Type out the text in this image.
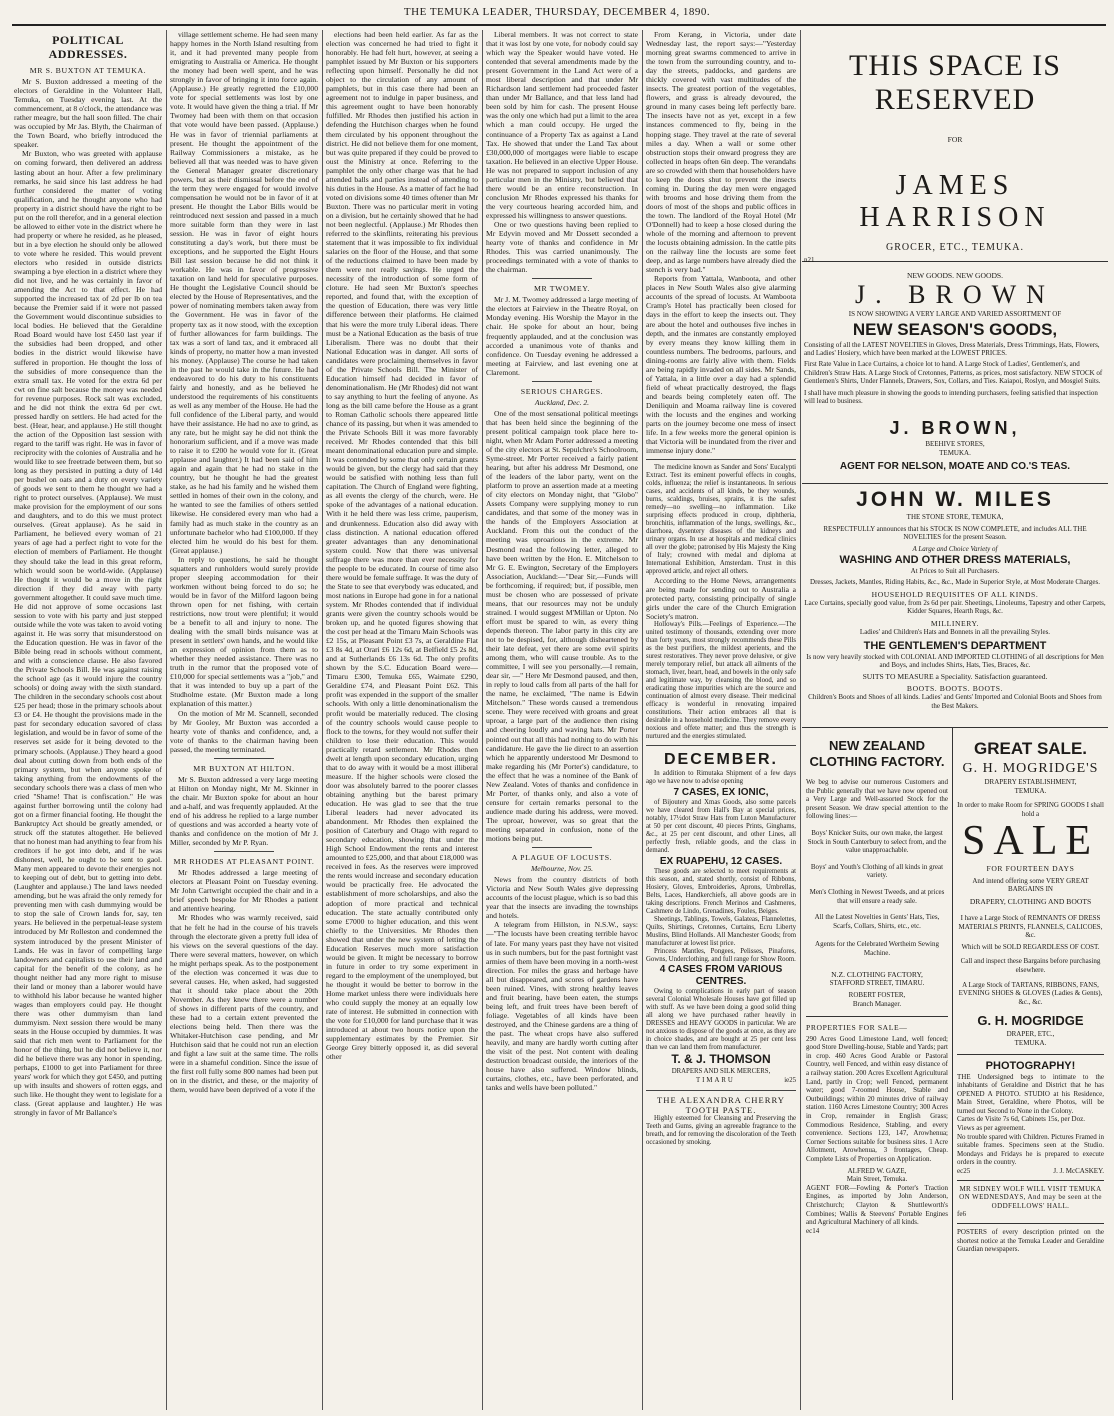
THE TEMUKA LEADER, THURSDAY, DECEMBER 4, 1890.
POLITICAL ADDRESSES.
MR S. BUXTON AT TEMUKA.

Mr S. Buxton addressed a meeting of the electors of Geraldine in the Volunteer Hall, Temuka, on Tuesday evening last. At the commencement, at 8 o'clock, the attendance was rather meagre, but the hall soon filled. The chair was occupied by Mr Jas. Blyth, the Chairman of the Town Board, who briefly introduced the speaker.

Mr Buxton, who was greeted with applause on coming forward, then delivered an address lasting about an hour. After a few preliminary remarks, he said since his last address he had further considered the matter of voting qualification, and he thought anyone who had property in a district should have the right to be put on the roll therefor, and in a general election be allowed to either vote in the district where he had property or where he resided, as he pleased, but in a bye election he should only be allowed to vote where he resided. This would prevent electors who resided in outside districts swamping a bye election in a district where they did not live, and he was certainly in favor of amending the Act to that effect. He had supported the increased tax of 2d per lb on tea because the Premier said if it were not passed the Government would discontinue subsidies to local bodies. He believed that the Geraldine Road Board would have lost £450 last year if the subsidies had been dropped, and other bodies in the district would likewise have suffered in proportion. He thought the loss of the subsidies of more consequence than the extra small tax. He voted for the extra 6d per cwt on fine salt because the money was needed for revenue purposes. Rock salt was excluded, and he did not think the extra 6d per cwt. pressed hardly on settlers. He had acted for the best. (Hear, hear, and applause.) He still thought the action of the Opposition last session with regard to the tariff was right. He was in favor of reciprocity with the colonies of Australia and he would like to see freetrade between them, but so long as they persisted in putting a duty of 14d per bushel on oats and a duty on every variety of goods we sent to them he thought we had a right to protect ourselves. (Applause). We must make provision for the employment of our sons and daughters, and to do this we must protect ourselves. (Great applause). As he said in Parliament, he believed every woman of 21 years of age had a perfect right to vote for the election of members of Parliament. He thought they should take the lead in this great reform, which would soon be world-wide. (Applause) He thought it would be a move in the right direction if they did away with party government altogether. It could save much time. He did not approve of some occasions last session to vote with his party and just stepped outside while the vote was taken to avoid voting against it. He was sorry that misunderstood on the Education question. He was in favor of the Bible being read in schools without comment, and with a conscience clause. He also favored the Private Schools Bill. He was against raising the school age (as it would injure the country schools) or doing away with the sixth standard. The children in the secondary schools cost about £25 per head; those in the primary schools about £3 or £4. He thought the provisions made in the past for secondary education savored of class legislation, and would be in favor of some of the reserves set aside for it being devoted to the primary schools. (Applause.) They heard a good deal about cutting down from both ends of the primary system, but when anyone spoke of taking anything from the endowments of the secondary schools there was a class of men who cried "Shame! That is confiscation." He was against further borrowing until the colony had got on a firmer financial footing. He thought the Bankruptcy Act should be greatly amended, or struck off the statutes altogether. He believed that no honest man had anything to fear from his creditors if he got into debt, and if he was dishonest, well, he ought to be sent to gaol. Many men appeared to devote their energies not to keeping out of debt, but to getting into debt. (Laughter and applause.) The land laws needed amending, but he was afraid the only remedy for preventing men with cash dummying would be to stop the sale of Crown lands for, say, ten years. He believed in the perpetual-lease system introduced by Mr Rolleston and condemned the system introduced by the present Minister of Lands. He was in favor of compelling large landowners and capitalists to use their land and capital for the benefit of the colony, as he thought neither had any more right to misuse their land or money than a laborer would have to withhold his labor because he wanted higher wages than employers could pay. He thought there was other dummyism than land dummyism. Next session there would be many seats in the House occupied by dummies. It was said that rich men went to Parliament for the honor of the thing, but he did not believe it, nor did he believe there was any honor in spending, perhaps, £1000 to get into Parliament for three years' work for which they got £450, and putting up with insults and showers of rotten eggs, and such like. He thought they went to legislate for a class. (Great applause and laughter.) He was strongly in favor of Mr Ballance's

village settlement scheme. He had seen many happy homes in the North Island resulting from it, and it had prevented many people from emigrating to Australia or America. He thought the money had been well spent, and he was strongly in favor of bringing it into force again. (Applause.) He greatly regretted the £10,000 vote for special settlements was lost by one vote. It would have given the thing a trial. If Mr Twomey had been with them on that occasion that vote would have been passed. (Applause.) He was in favor of triennial parliaments at present. He thought the appointment of the Railway Commissioners a mistake, as he believed all that was needed was to have given the General Manager greater discretionary powers, but as their dismissal before the end of the term they were engaged for would involve compensation he would not be in favor of it at present. He thought the Labor Bills would be reintroduced next session and passed in a much more suitable form than they were in last session. He was in favor of eight hours constituting a day's work, but there must be exceptions, and he supported the Eight Hours Bill last session because he did not think it workable. He was in favor of progressive taxation on land held for speculative purposes. He thought the Legislative Council should be elected by the House of Representatives, and the power of nominating members taken away from the Government. He was in favor of the property tax as it now stood, with the exception of further allowances for farm buildings. The tax was a sort of land tax, and it embraced all kinds of property, no matter how a man invested his money. (Applause) The course he had taken in the past he would take in the future. He had endeavored to do his duty to his constituents fairly and honestly, and as he believed he understood the requirements of his constituents as well as any member of the House. He had the full confidence of the Liberal party, and would have their assistance. He had no axe to grind, as any rate, but he might say he did not think the honorarium sufficient, and if a move was made to raise it to £200 he would vote for it. (Great applause and laughter.) It had been said of him again and again that he had no stake in the country, but he thought he had the greatest stake, as he had his family and he wished them settled in homes of their own in the colony, and he wanted to see the families of others settled likewise. He considered every man who had a family had as much stake in the country as an unfortunate bachelor who had £100,000. If they elected him he would do his best for them. (Great applause.)

In reply to questions, he said he thought squatters and runholders would surely provide proper sleeping accommodation for their workmen without being forced to do so; he would be in favor of the Milford lagoon being thrown open for net fishing, with certain restrictions, now trout were plentiful; it would be a benefit to all and injury to none. The dealing with the small birds nuisance was at present in settlers' own hands, and he would like an expression of opinion from them as to whether they needed assistance. There was no truth in the rumor that the proposed vote of £10,000 for special settlements was a "job," and that it was intended to buy up a part of the Studholme estate. (Mr Buxton made a long explanation of this matter.)

On the motion of Mr M. Scannell, seconded by Mr Gooley, Mr Buxton was accorded a hearty vote of thanks and confidence, and, a vote of thanks to the chairman having been passed, the meeting terminated.

MR BUXTON AT HILTON.

Mr S. Buxton addressed a very large meeting at Hilton on Monday night, Mr M. Skinner in the chair. Mr Buxton spoke for about an hour and a-half, and was frequently applauded. At the end of his address he replied to a large number of questions and was accorded a hearty vote of thanks and confidence on the motion of Mr J. Miller, seconded by Mr P. Ryan.

MR RHODES AT PLEASANT POINT.

Mr Rhodes addressed a large meeting of electors at Pleasant Point on Tuesday evening. Mr John Cartwright occupied the chair and in a brief speech bespoke for Mr Rhodes a patient and attentive hearing.

Mr Rhodes who was warmly received, said that he felt he had in the course of his travels through the electorate given a pretty full idea of his views on the several questions of the day. There were several matters, however, on which he might perhaps speak. As to the postponement of the election was concerned it was due to several causes. He, when asked, had suggested that it should take place about the 20th November. As they knew there were a number of shows in different parts of the country, and these had to a certain extent prevented the elections being held. Then there was the Whitaker-Hutchison case pending, and Mr Hutchison said that he could not run an election and fight a law suit at the same time. The rolls were in a shameful condition. Since the issue of the first roll fully some 800 names had been put on in the district, and these, or the majority of them, would have been deprived of a vote if the

elections had been held earlier. As far as the election was concerned he had tried to fight it honorably. He had felt hurt, however, at seeing a pamphlet issued by Mr Buxton or his supporters reflecting upon himself. Personally he did not object to the circulation of any amount of pamphlets, but in this case there had been an agreement not to indulge in paper business, and this agreement ought to have been honorably fulfilled. Mr Rhodes then justified his action in defending the Hutchison charges when he found them circulated by his opponent throughout the district. He did not believe them for one moment, but was quite prepared if they could be proved to oust the Ministry at once. Referring to the pamphlet the only other charge was that he had attended balls and parties instead of attending to his duties in the House. As a matter of fact he had voted on divisions some 40 times oftener than Mr Buxton. There was no particular merit in voting on a division, but he certainly showed that he had not been neglectful. (Applause.) Mr Rhodes then referred to the skinflints, reiterating his previous statement that it was impossible to fix individual salaries on the floor of the House, and that some of the reductions claimed to have been made by them were not really savings. He urged the necessity of the introduction of some form of cloture. He had seen Mr Buxton's speeches reported, and found that, with the exception of the question of Education, there was very little difference between their platforms. He claimed that his were the more truly Liberal ideas. There must be a National Education as the basis of true Liberalism. There was no doubt that their National Education was in danger. All sorts of candidates were proclaiming themselves in favor of the Private Schools Bill. The Minister of Education himself had decided in favor of denominationalism. He (Mr Rhodes) did not want to say anything to hurt the feeling of anyone. As long as the bill came before the House as a grant to Roman Catholic schools there appeared little chance of its passing, but when it was amended to the Private Schools Bill it was more favorably received. Mr Rhodes contended that this bill meant denominational education pure and simple. It was contended by some that only certain grants would be given, but the clergy had said that they would be satisfied with nothing less than full capitation. The Church of England were fighting, as all events the clergy of the church, were. He spoke of the advantages of a national education. With it he held there was less crime, pauperism, and drunkenness. Education also did away with class distinction. A national education offered greater advantages than any denominational system could. Now that there was universal suffrage there was more than ever necessity for the people to be educated. In course of time also there would be female suffrage. It was the duty of the State to see that everybody was educated, and most nations in Europe had gone in for a national system. Mr Rhodes contended that if individual grants were given the country schools would be broken up, and he quoted figures showing that the cost per head at the Timaru Main Schools was £2 15s, at Pleasant Point £3 7s, at Geraldine Flat £3 8s 4d, at Orari £6 12s 6d, at Belfield £5 2s 8d, and at Sutherlands £6 13s 6d. The only profits shown by the S.C. Education Board were—Timaru £300, Temuka £65, Waimate £290, Geraldine £74, and Pleasant Point £62. This profit was expended in the support of the smaller schools. With only a little denominationalism the profit would be materially reduced. The closing of the country schools would cause people to flock to the towns, for they would not suffer their children to lose their education. This would practically retard settlement. Mr Rhodes then dwelt at length upon secondary education, urging that to do away with it would be a most illiberal measure. If the higher schools were closed the door was absolutely barred to the poorer classes obtaining anything but the barest primary education. He was glad to see that the true Liberal leaders had never advocated its abandonment. Mr Rhodes then explained the position of Caterbury and Otago with regard to secondary education, showing that under the High School Endowment the rents and interest amounted to £25,000, and that about £18,000 was received in fees. As the reserves were improved the rents would increase and secondary education would be practically free. He advocated the establishment of more scholarships, and also the adoption of more practical and technical education. The state actually contributed only some £7000 to higher education, and this went chiefly to the Universities. Mr Rhodes then showed that under the new system of letting the Education Reserves much more satisfaction would be given. It might be necessary to borrow in future in order to try some experiment in regard to the employment of the unemployed, but he thought it would be better to borrow in the Home market unless there were individuals here who could supply the money at an equally low rate of interest. He submitted in connection with the vote for £10,000 for land purchase that it was introduced at about two hours notice upon the supplementary estimates by the Premier. Sir George Grey bitterly opposed it, as did several other

Liberal members. It was not correct to state that it was lost by one vote, for nobody could say which way the Speaker would have voted. He contended that several amendments made by the present Government in the Land Act were of a most liberal description and that under Mr Richardson land settlement had proceeded faster than under Mr Ballance, and that less land had been sold by him for cash. The present House was the only one which had put a limit to the area which a man could occupy. He urged the continuance of a Property Tax as against a Land Tax. He showed that under the Land Tax about £30,000,000 of mortgages were liable to escape taxation. He believed in an elective Upper House. He was not prepared to support inclusion of any particular men in the Ministry, but believed that there would be an entire reconstruction. In conclusion Mr Rhodes expressed his thanks for the very courteous hearing accorded him, and expressed his willingness to answer questions.

One or two questions having been replied to Mr Edyvin moved and Mr Dossett seconded a hearty vote of thanks and confidence in Mr Rhodes. This was carried unanimously. The proceedings terminated with a vote of thanks to the chairman.

MR TWOMEY.

Mr J. M. Twomey addressed a large meeting of the electors at Fairview in the Theatre Royal, on Monday evening. His Worship the Mayor in the chair. He spoke for about an hour, being frequently applauded, and at the conclusion was accorded a unanimous vote of thanks and confidence. On Tuesday evening he addressed a meeting at Fairview, and last evening one at Claremont.

SERIOUS CHARGES.
Auckland, Dec. 2.

One of the most sensational political meetings that has been held since the beginning of the present political campaign took place here to-night, when Mr Adam Porter addressed a meeting of the city electors at St. Sepulchre's Schoolroom, Syme-street. Mr Porter received a fairly patient hearing, but after his address Mr Desmond, one of the leaders of the labor party, went on the platform to prove an assertion made at a meeting of city electors on Monday night, that "Globo" Assets Company were supplying money to run candidates, and that some of the money was in the hands of the Employers Association at Auckland. From this out the conduct of the meeting was uproarious in the extreme. Mr Desmond read the following letter, alleged to have been written by the Hon. E. Mitchelson to Mr G. E. Ewington, Secretary of the Employers Association, Auckland:—"Dear Sir,—Funds will be forthcoming, if required; but, if possible, men must be chosen who are possessed of private means, that our resources may not be unduly strained. I would suggest M'Millan or Upton. No effort must be spared to win, as every thing depends thereon. The labor party in this city are not to be despised, for, although disheartened by their late defeat, yet there are some evil spirits among them, who will cause trouble. As to the committee, I will see you personally.—I remain, dear sir, —" Here Mr Desmond paused, and then, in reply to loud calls from all parts of the hall for the name, he exclaimed, "The name is Edwin Mitchelson." These words caused a tremendous scene. They were received with groans and great uproar, a large part of the audience then rising and cheering loudly and waving hats. Mr Porter pointed out that all this had nothing to do with his candidature. He gave the lie direct to an assertion which he apparently understood Mr Desmond to make regarding his (Mr Porter's) candidature, to the effect that he was a nominee of the Bank of New Zealand. Votes of thanks and confidence in Mr Porter, of thanks only, and also a vote of censure for certain remarks personal to the audience made during his address, were moved. The uproar, however, was so great that the meeting separated in confusion, none of the motions being put.

A PLAGUE OF LOCUSTS.
Melbourne, Nov. 25.

News from the country districts of both Victoria and New South Wales give depressing accounts of the locust plague, which is so bad this year that the insects are invading the townships and hotels.

A telegram from Hillston, in N.S.W., says:—"The locusts have been creating terrible havoc of late. For many years past they have not visited us in such numbers, but for the past fortnight vast armies of them have been moving in a north-west direction. For miles the grass and herbage have all but disappeared, and scores of gardens have been ruined. Vines, with strong healthy leaves and fruit bearing, have been eaten, the stumps being left, and fruit trees have been bereft of foliage. Vegetables of all kinds have been destroyed, and the Chinese gardens are a thing of the past. The wheat crops have also suffered heavily, and many are hardly worth cutting after the visit of the pest. Not content with dealing destruction broadcast outside, the interiors of the house have also suffered. Window blinds, curtains, clothes, etc., have been perforated, and tanks and wells have been polluted."

From Kerang, in Victoria, under date Wednesday last, the report says:—"Yesterday morning great swarms commenced to arrive in the town from the surrounding country, and to-day the streets, paddocks, and gardens are thickly covered with vast multitudes of the insects. The greatest portion of the vegetables, flowers, and grass is already devoured, the ground in many cases being left perfectly bare. The insects have not as yet, except in a few instances commenced to fly, being in the hopping stage. They travel at the rate of several miles a day. When a wall or some other obstruction stops their onward progress they are collected in heaps often 6in deep. The verandahs are so crowded with them that householders have to keep the doors shut to prevent the insects coming in. During the day men were engaged with brooms and hose driving them from the doors of most of the shops and public offices in the town. The landlord of the Royal Hotel (Mr O'Donnell) had to keep a hose closed during the whole of the morning and afternoon to prevent the locusts obtaining admission. In the cattle pits on the railway line the locusts are some feet deep, and as large numbers have already died the stench is very bad."

Reports from Yattala, Wanboota, and other places in New South Wales also give alarming accounts of the spread of locusts. At Wamboota Cramp's Hotel has practically been closed for days in the effort to keep the insects out. They are about the hotel and outhouses five inches in depth, and the inmates are constantly employed by every means they know killing them in countless numbers. The bedrooms, parlours, and dining-rooms are fairly alive with them. Fields are being rapidly invaded on all sides. Mr Sands, of Yattala, in a little over a day had a splendid field of wheat practically destroyed, the flags and beards being completely eaten off. The Deniliquin and Moama railway line is covered with the locusts and the engines and working parts on the journey become one mess of insect life. In a few weeks more the general opinion is that Victoria will be inundated from the river and immense injury done."

The medicine known as Sander and Sons' Eucalypti Extract. Test its eminent powerful effects in coughs, colds, influenza; the relief is instantaneous. In serious cases, and accidents of all kinds, be they wounds, burns, scaldings, bruises, sprains, it is the safest remedy—no swelling—no inflammation. Like surprising effects produced in croup, diphtheria, bronchitis, inflammation of the lungs, swellings, &c., diarrhoea, dysentery diseases of the kidneys and urinary organs. In use at hospitals and medical clinics all over the globe; patronised by His Majesty the King of Italy; crowned with medal and diploma at International Exhibition, Amsterdam. Trust in this approved article, and reject all others.

According to the Home News, arrangements are being made for sending out to Australia a protected party, consisting principally of single girls under the care of the Church Emigration Society's matron.

Holloway's Pills.—Feelings of Experience.—The united testimony of thousands, extending over more than forty years, most strongly recommends these Pills as the best purifiers, the mildest aperients, and the surest restoratives. They never prove delusive, or give merely temporary relief, but attack all ailments of the stomach, liver, heart, head, and bowels in the only safe and legitimate way, by cleansing the blood, and so eradicating those impurities which are the source and continuation of almost every disease. Their medicinal efficacy is wonderful in renovating impaired constitutions. Their action embraces all that is desirable in a household medicine. They remove every noxious and offete matter; and thus the strength is nurtured and the energies stimulated.

DECEMBER.

In addition to Rimutaka Shipment of a few days ago we have now to advise opening

7 CASES, EX IONIC,

of Bijoutery and Xmas Goods, also some parcels we have cleared from Hall's Bay at special prices, notably, 17½dot Straw Hats from Luton Manufacturer at 50 per cent discount, 40 pieces Prints, Ginghams, &c., at 25 per cent discount, and other Lines, all perfectly fresh, reliable goods, and the class in demand.

EX RUAPEHU, 12 CASES.

These goods are selected to meet requirements at this season, and, stated shortly, consist of Ribbons, Hosiery, Gloves, Embroideries, Aprons, Umbrellas, Belts, Laces, Handkerchiefs, all above goods are in taking descriptions. French Merinos and Cashmeres, Cashmere de Lindo, Grenadines, Foules, Beiges.

Sheetings, Tablings, Towels, Galateas, Flannelettes, Quilts, Shirtings, Cretonnes, Curtains, Ecru Liberty Muslins, Blind Hollands. All Manchester Goods; from manufacturer at lowest list price.

Princess Mantles, Pongees, Pelisses, Pinafores, Gowns, Underclothing, and full range for Show Room.

4 CASES FROM VARIOUS CENTRES.

Owing to complications in early part of season several Colonial Wholesale Houses have got filled up with stuff. As we have been doing a good solid thing all along we have purchased rather heavily in DRESSES and HEAVY GOODS in particular. We are not anxious to dispose of the goods at once, as they are in choice shades, and are bought at 25 per cent less than we can land them from manufacturer.

T. & J. THOMSON
DRAPERS AND SILK MERCERS,
TIMARU	ie25
THE ALEXANDRA CHERRY TOOTH PASTE.

Highly esteemed for Cleansing and Preserving the Teeth and Gums, giving an agreeable fragrance to the breath, and for removing the discoloration of the Teeth occasioned by smoking.

THIS SPACE IS RESERVED
FOR
JAMES HARRISON
GROCER, ETC., TEMUKA.
n21
NEW GOODS. NEW GOODS.
J. BROWN
IS NOW SHOWING A VERY LARGE AND VARIED ASSORTMENT OF
NEW SEASON'S GOODS,
Consisting of all the LATEST NOVELTIES in Gloves, Dress Materials, Dress Trimmings, Hats, Flowers, and Ladies' Hosiery, which have been marked at the LOWEST PRICES.
First Rate Value in Lace Curtains, a choice lot to hand. A Large Stock of Ladies', Gentlemen's, and Children's Straw Hats. A Large Stock of Cretonnes, Patterns, as prices, most satisfactory. NEW STOCK of Gentlemen's Shirts, Under Flannels, Drawers, Sox, Collars, and Ties. Kaiapoi, Roslyn, and Mosgiel Suits.
I shall have much pleasure in showing the goods to intending purchasers, feeling satisfied that inspection will lead to business.
J. BROWN,
BEEHIVE STORES,
TEMUKA.
AGENT FOR NELSON, MOATE AND CO.'S TEAS.
JOHN W. MILES
THE STONE STORE, TEMUKA,
RESPECTFULLY announces that his STOCK IS NOW COMPLETE, and includes ALL THE NOVELTIES for the present Season.
A Large and Choice Variety of
WASHING AND OTHER DRESS MATERIALS,
At Prices to Suit all Purchasers.
Dresses, Jackets, Mantles, Riding Habits, &c., &c., Made in Superior Style, at Most Moderate Charges.
HOUSEHOLD REQUISITES OF ALL KINDS.
Lace Curtains, specially good value, from 2s 6d per pair. Sheetings, Linoleums, Tapestry and other Carpets, Kidder Squares, Hearth Rugs, &c.
MILLINERY.
Ladies' and Children's Hats and Bonnets in all the prevailing Styles.
THE GENTLEMEN'S DEPARTMENT
Is now very heavily stocked with COLONIAL AND IMPORTED CLOTHING of all descriptions for Men and Boys, and includes Shirts, Hats, Ties, Braces, &c.
SUITS TO MEASURE a Speciality. Satisfaction guaranteed.
BOOTS. BOOTS. BOOTS.
Children's Boots and Shoes of all kinds. Ladies' and Gents' Imported and Colonial Boots and Shoes from the Best Makers.
NEW ZEALAND CLOTHING FACTORY.
We beg to advise our numerous Customers and the Public generally that we have now opened out a Very Large and Well-assorted Stock for the present Season. We draw special attention to the following lines:—
Boys' Knicker Suits, our own make, the largest Stock in South Canterbury to select from, and the value unapproachable.
Boys' and Youth's Clothing of all kinds in great variety.
Men's Clothing in Newest Tweeds, and at prices that will ensure a ready sale.
All the Latest Novelties in Gents' Hats, Ties, Scarfs, Collars, Shirts, etc., etc.
Agents for the Celebrated Wertheim Sewing Machine.
N.Z. CLOTHING FACTORY,
STAFFORD STREET, TIMARU.
ROBERT FOSTER,
Branch Manager.
PROPERTIES FOR SALE—
290 Acres Good Limestone Land, well fenced; good Store Dwelling-house, Stable and Yards; part in crop. 460 Acres Good Arable or Pastoral Country, well Fenced, and within easy distance of a railway station. 200 Acres Excellent Agricultural Land, partly in Crop; well Fenced, permanent water; good 7-roomed House, Stable and Outbuildings; within 20 minutes drive of railway station. 1160 Acres Limestone Country; 300 Acres in Crop, remainder in English Grass; Commodious Residence, Stabling, and every convenience. Sections 123, 147, Arowhenua; Corner Sections suitable for business sites. 1 Acre Allotment, Arowhenua, 3 frontages, Cheap. Complete Lists of Properties on Application.
ALFRED W. GAZE,
Main Street, Temuka.
AGENT FOR—Fowling & Porter's Traction Engines, as imported by John Anderson, Christchurch; Clayton & Shuttleworth's Combines; Wallis & Steevens' Portable Engines and Agricultural Machinery of all kinds.
ec14
GREAT SALE.
G. H. MOGRIDGE'S
DRAPERY ESTABLISHMENT,
TEMUKA.
In order to make Room for SPRING GOODS I shall hold a
SALE
FOR FOURTEEN DAYS
And intend offering some VERY GREAT BARGAINS IN
DRAPERY, CLOTHING AND BOOTS
I have a Large Stock of REMNANTS OF DRESS MATERIALS PRINTS, FLANNELS, CALICOES, &c.
Which will be SOLD REGARDLESS OF COST.
Call and inspect these Bargains before purchasing elsewhere.
A Large Stock of TARTANS, RIBBONS, FANS, EVENING SHOES & GLOVES (Ladies & Gents), &c., &c.
G. H. MOGRIDGE
DRAPER, ETC.,
TEMUKA.
PHOTOGRAPHY!
THE Undersigned begs to intimate to the inhabitants of Geraldine and District that he has OPENED A PHOTO. STUDIO at his Residence, Main Street, Geraldine, where Photos, will be turned out Second to None in the Colony.
Cartes de Visite 7s 6d, Cabinets 15s, per Doz. Views as per agreement.
No trouble spared with Children. Pictures Framed in suitable frames. Specimens seen at the Studio. Mondays and Fridays he is prepared to execute orders in the country.
ec25	J. J. McCASKEY.
MR SIDNEY WOLF WILL VISIT TEMUKA ON WEDNESDAYS, And may be seen at the ODDFELLOWS' HALL.
fe6
POSTERS of every description printed on the shortest notice at the Temuka Leader and Geraldine Guardian newspapers.
